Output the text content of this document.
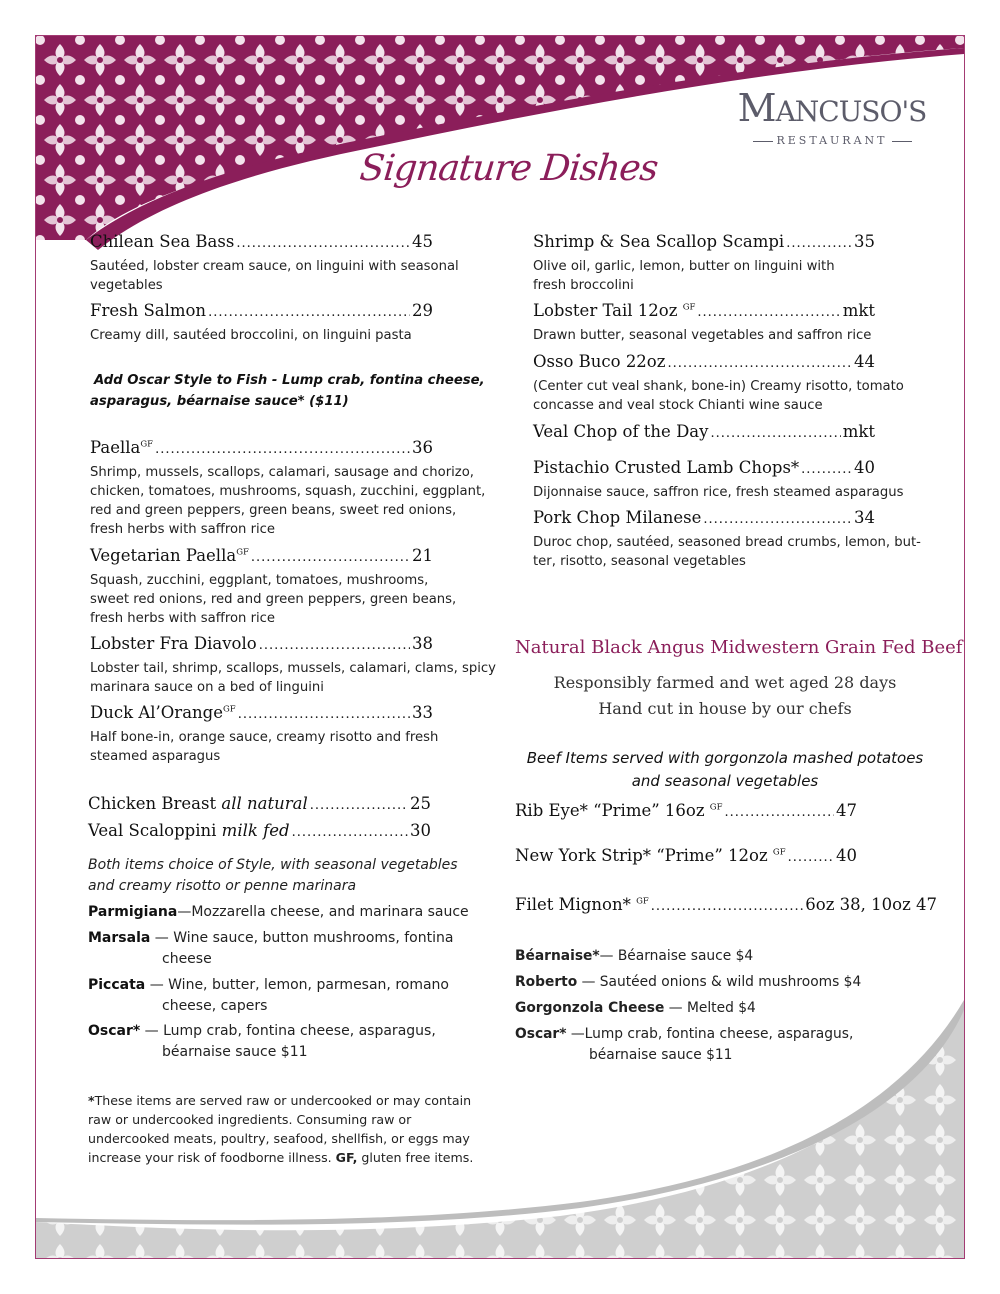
MANCUSO'S
RESTAURANT
Signature Dishes
Chilean Sea Bass .....	45
Sautéed, lobster cream sauce, on linguini with seasonal
vegetables
Fresh Salmon .....	29
Creamy dill, sautéed broccolini, on linguini pasta
Add Oscar Style to Fish - Lump crab, fontina cheese,
asparagus, béarnaise sauce* ($11)
Paella$^{GF}$ .....	36
Shrimp, mussels, scallops, calamari, sausage and chorizo,
chicken, tomatoes, mushrooms, squash, zucchini, eggplant,
red and green peppers, green beans, sweet red onions,
fresh herbs with saffron rice
Vegetarian Paella$^{GF}$ .....	21
Squash, zucchini, eggplant, tomatoes, mushrooms,
sweet red onions, red and green peppers, green beans,
fresh herbs with saffron rice
Lobster Fra Diavolo .....	38
Lobster tail, shrimp, scallops, mussels, calamari, clams, spicy
marinara sauce on a bed of linguini
Duck Al’Orange$^{GF}$ .....	33
Half bone-in, orange sauce, creamy risotto and fresh
steamed asparagus
Chicken Breast all natural .....	25
Veal Scaloppini milk fed .....	30
Both items choice of Style, with seasonal vegetables
and creamy risotto or penne marinara
Parmigiana—Mozzarella cheese, and marinara sauce
Marsala — Wine sauce, button mushrooms, fontina
cheese
Piccata — Wine, butter, lemon, parmesan, romano
cheese, capers
Oscar* — Lump crab, fontina cheese, asparagus,
béarnaise sauce $11
*These items are served raw or undercooked or may contain raw or undercooked ingredients. Consuming raw or undercooked meats, poultry, seafood, shellfish, or eggs may increase your risk of foodborne illness. GF, gluten free items.
Shrimp & Sea Scallop Scampi .....	35
Olive oil, garlic, lemon, butter on linguini with
fresh broccolini
Lobster Tail 12oz $^{GF}$ .....	mkt
Drawn butter, seasonal vegetables and saffron rice
Osso Buco 22oz .....	44
(Center cut veal shank, bone-in) Creamy risotto, tomato
concasse and veal stock Chianti wine sauce
Veal Chop of the Day .....	mkt
Pistachio Crusted Lamb Chops* .....	40
Dijonnaise sauce, saffron rice, fresh steamed asparagus
Pork Chop Milanese .....	34
Duroc chop, sautéed, seasoned bread crumbs, lemon, but-
ter, risotto, seasonal vegetables
Natural Black Angus Midwestern Grain Fed Beef
Responsibly farmed and wet aged 28 days
Hand cut in house by our chefs
Beef Items served with gorgonzola mashed potatoes
and seasonal vegetables
Rib Eye* “Prime” 16oz $^{GF}$ .....	47
New York Strip* “Prime” 12oz $^{GF}$ .....	40
Filet Mignon* $^{GF}$ .....	6oz 38, 10oz 47
Béarnaise*— Béarnaise sauce $4
Roberto — Sautéed onions & wild mushrooms $4
Gorgonzola Cheese — Melted $4
Oscar* —Lump crab, fontina cheese, asparagus,
béarnaise sauce $11
